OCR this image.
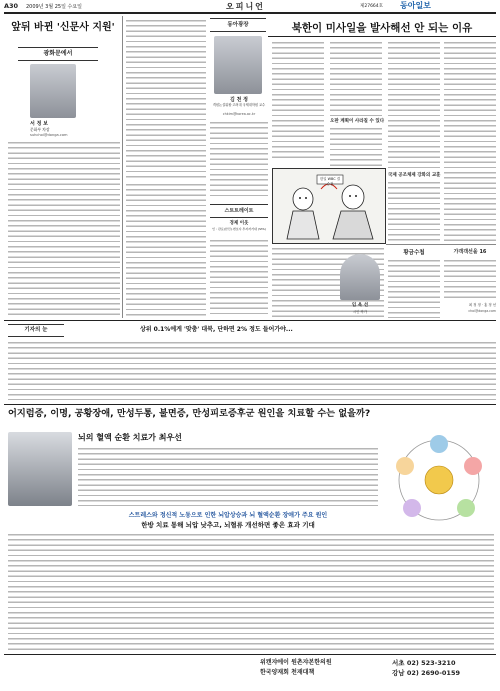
A30 2009년 3월 25일 수요일	오피니언	제27664호 동아일보
앞뒤 바뀐 '신문사 지원'
광화문에서
서 정 보
문화부 차장
suhchoi@donga.com
동아광장
김 천 정
객원논설위원·고려대 국제대학원 교수
chkim@korea.ac.kr
북한이 미사일을 발사해선 안 되는 이유
오판 계획이 사라질 수 있다
국제 공조체제 강화의 교훈
스트트레이트
경제 이웃
인 : 관료(한민)·변호사·투자자거대 (STA)
한일 WBC 결승전
황금수첩
임 옥 선
시인·작가
가객객선을 16
최 정 정 · 홍 정 선
choi@donga.com
기자의 눈	상위 0.1%에게 '맞춤' 대북, 단하면 2% 정도 들어가야...
어지럼증, 이명, 공황장애, 만성두통, 불면증, 만성피로증후군 원인을 치료할 수는 없을까?
뇌의 혈액 순환 치료가 최우선
스트레스와 정신적 노동으로 인한 뇌압상승과 뇌 혈액순환 장애가 주요 원인
한방 치료 통해 뇌압 낮추고, 뇌혈류 개선하면 좋은 효과 기대
위캔쟈에이 원촌쟈본한의원
한국양재회 천재대책
서초 02) 523-3210
강남 02) 2690-0159
